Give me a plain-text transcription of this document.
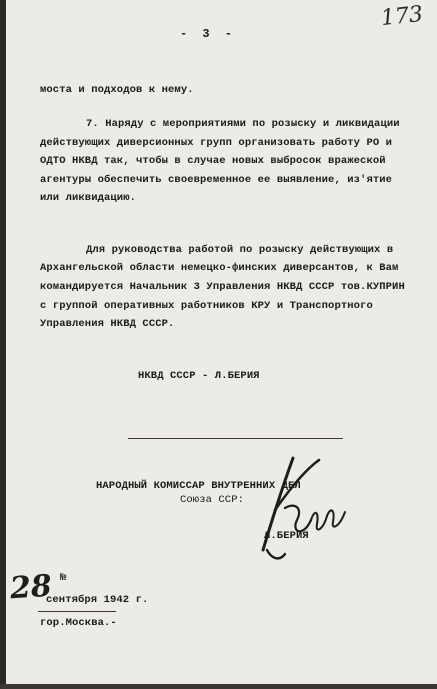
- 3 -
173
моста и подходов к нему.
7. Наряду с мероприятиями по розыску и ликвидации
действующих диверсионных групп организовать работу РО и
ОДТО НКВД так, чтобы в случае новых выбросок вражеской
агентуры обеспечить своевременное ее выявление, из'ятие
или ликвидацию.
Для руководства работой по розыску действующих в
Архангельской области немецко-финских диверсантов, к Вам
командируется Начальник 3 Управления НКВД СССР тов.КУПРИН
с группой оперативных работников КРУ и Транспортного
Управления НКВД СССР.
НКВД СССР - Л.БЕРИЯ
НАРОДНЫЙ КОМИССАР ВНУТРЕННИХ ДЕЛ
Союза ССР:
Л.БЕРИЯ
28 №
сентября 1942 г.
гор.Москва.-
